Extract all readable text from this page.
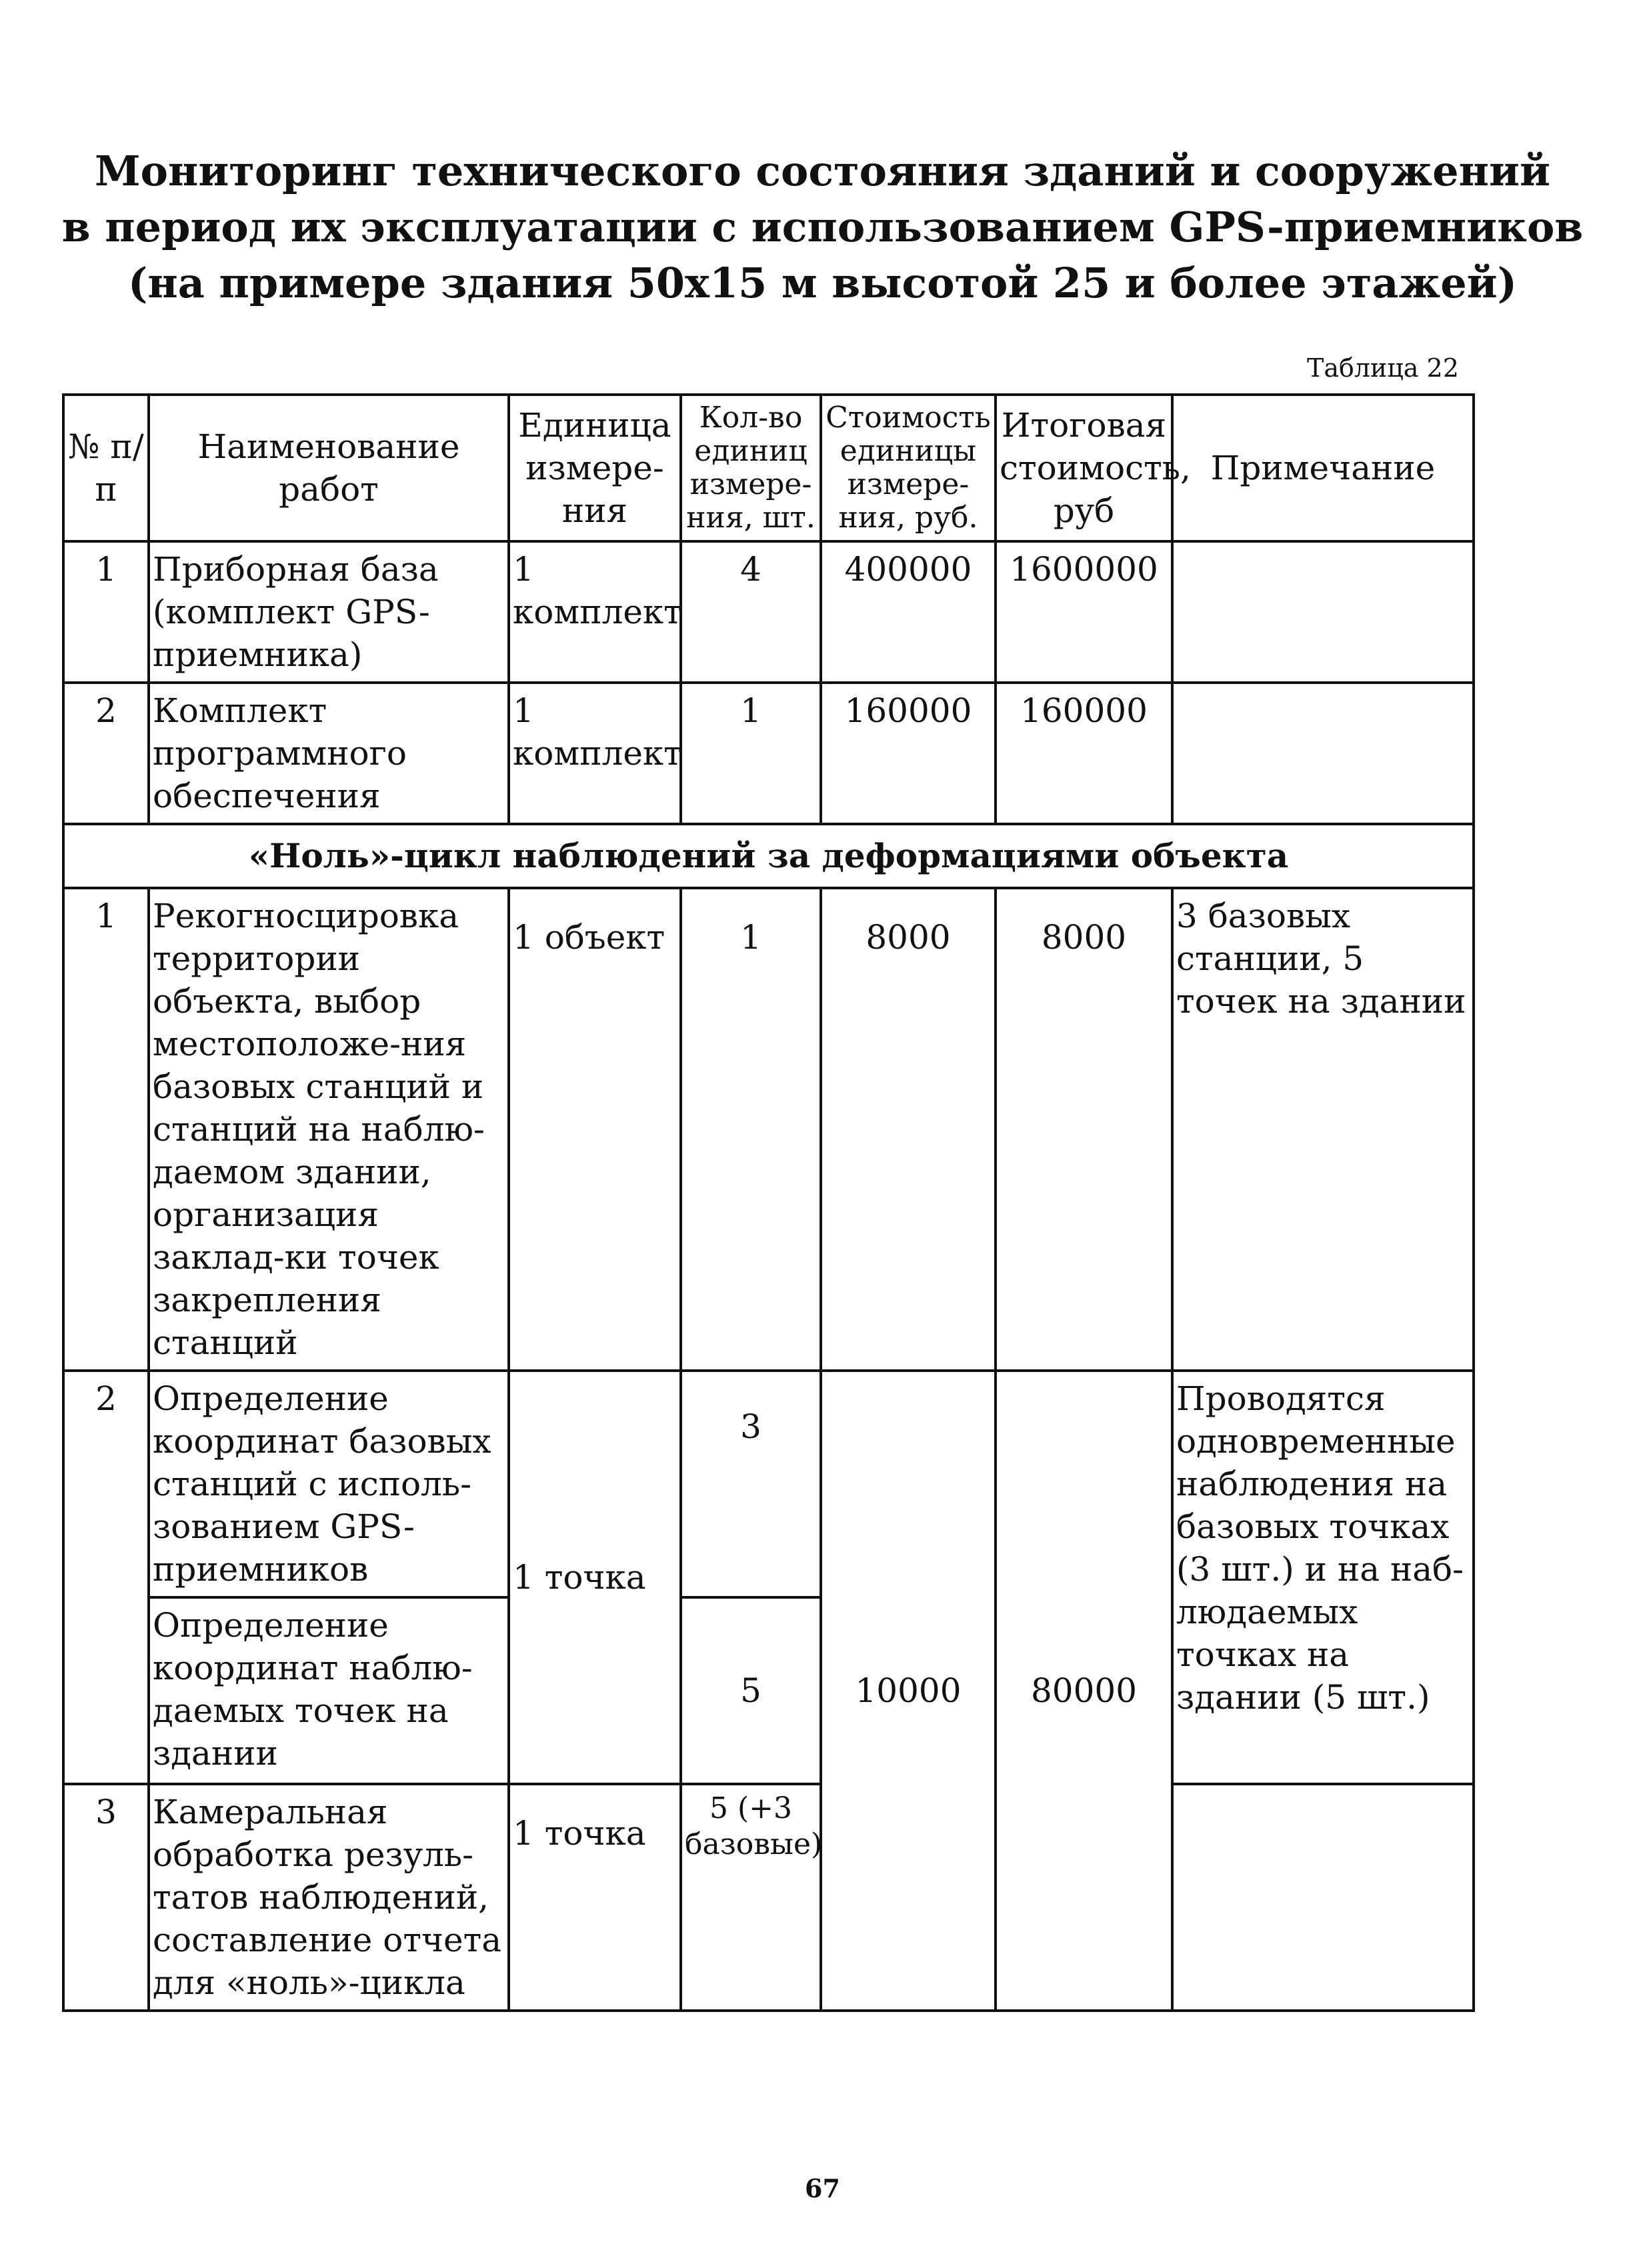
Мониторинг технического состояния зданий и сооружений
в период их эксплуатации с использованием GPS-приемников
(на примере здания 50х15 м высотой 25 и более этажей)
Таблица 22
№ п/п	Наименование работ	Единица измере-ния	Кол-во единиц измере-ния, шт.	Стоимость единицы измере-ния, руб.	Итоговая стоимость, руб	Примечание
1	Приборная база (комплект GPS-приемника)	1 комплект	4	400000	1600000	
2	Комплект программного обеспечения	1 комплект	1	160000	160000	
«Ноль»-цикл наблюдений за деформациями объекта						
1	Рекогносцировка территории объекта, выбор местоположе-ния базовых станций и станций на наблю-даемом здании, организация заклад-ки точек закрепления станций	1 объект	1	8000	8000	3 базовых станции, 5 точек на здании
2	Определение координат базовых станций с исполь-зованием GPS-приемников	1 точка	3	10000	80000	Проводятся одновременные наблюдения на базовых точках (3 шт.) и на наб-людаемых точках на здании (5 шт.)
	Определение координат наблю-даемых точек на здании		5			
3	Камеральная обработка резуль-татов наблюдений, составление отчета для «ноль»-цикла	1 точка	5 (+3 базовые)			
67
